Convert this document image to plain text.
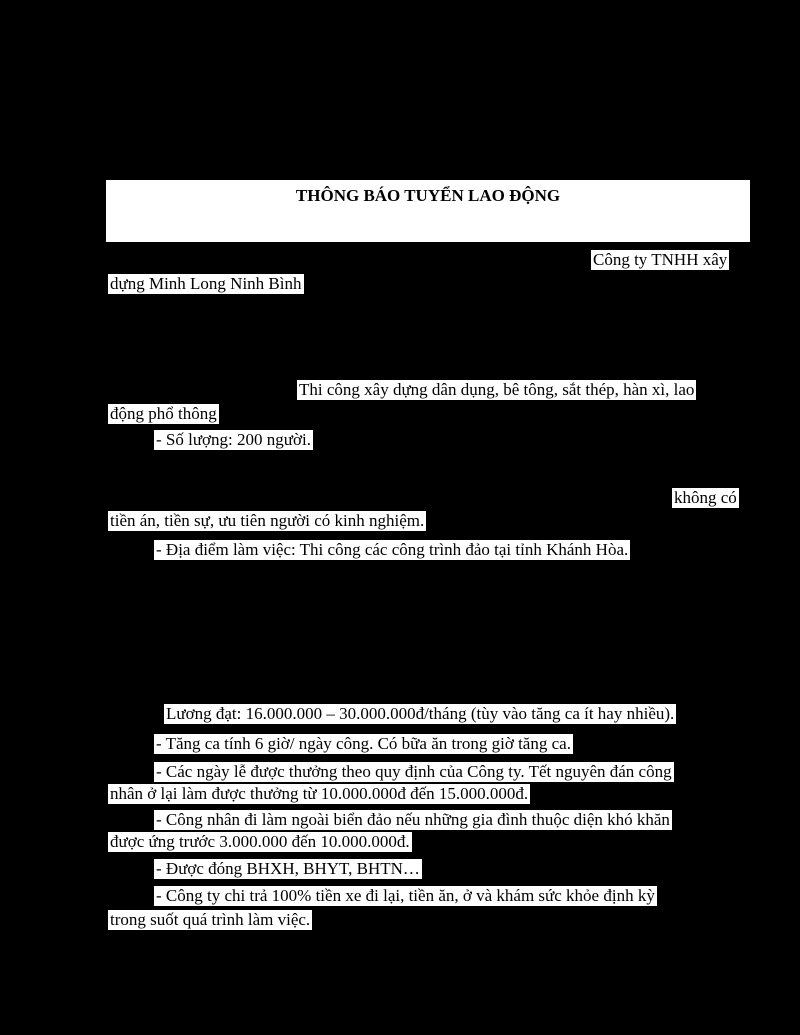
THÔNG BÁO TUYỂN LAO ĐỘNG
Công ty TNHH xây
dựng Minh Long Ninh Bình
Thi công xây dựng dân dụng, bê tông, sắt thép, hàn xì, lao
động phổ thông
- Số lượng: 200 người.
không có
tiền án, tiền sự, ưu tiên người có kinh nghiệm.
- Địa điểm làm việc: Thi công các công trình đảo tại tỉnh Khánh Hòa.
Lương đạt: 16.000.000 – 30.000.000đ/tháng (tùy vào tăng ca ít hay nhiều).
- Tăng ca tính 6 giờ/ ngày công. Có bữa ăn trong giờ tăng ca.
- Các ngày lễ được thưởng theo quy định của Công ty. Tết nguyên đán công
nhân ở lại làm được thưởng từ 10.000.000đ đến 15.000.000đ.
- Công nhân đi làm ngoài biển đảo nếu những gia đình thuộc diện khó khăn
được ứng trước 3.000.000 đến 10.000.000đ.
- Được đóng BHXH, BHYT, BHTN…
- Công ty chi trả 100% tiền xe đi lại, tiền ăn, ở và khám sức khỏe định kỳ
trong suốt quá trình làm việc.
